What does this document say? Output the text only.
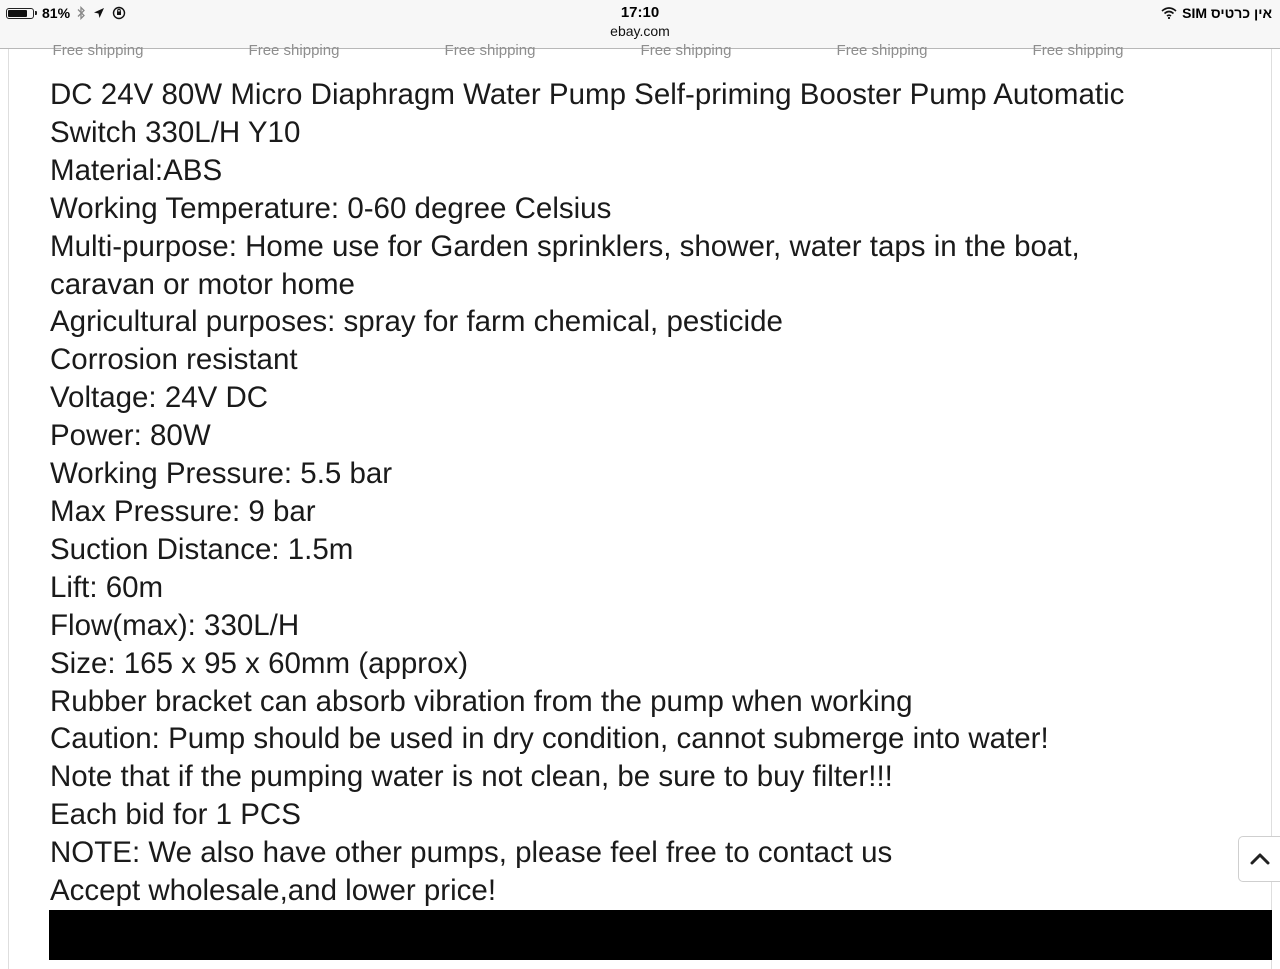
81%	17:10
ebay.com
אין כרטיס SIM
Free shipping	Free shipping	Free shipping	Free shipping	Free shipping	Free shipping
DC 24V 80W Micro Diaphragm Water Pump Self-priming Booster Pump Automatic
Switch 330L/H Y10
Material:ABS
Working Temperature: 0-60 degree Celsius
Multi-purpose: Home use for Garden sprinklers, shower, water taps in the boat,
caravan or motor home
Agricultural purposes: spray for farm chemical, pesticide
Corrosion resistant
Voltage: 24V DC
Power: 80W
Working Pressure: 5.5 bar
Max Pressure: 9 bar
Suction Distance: 1.5m
Lift: 60m
Flow(max): 330L/H
Size: 165 x 95 x 60mm (approx)
Rubber bracket can absorb vibration from the pump when working
Caution: Pump should be used in dry condition, cannot submerge into water!
Note that if the pumping water is not clean, be sure to buy filter!!!
Each bid for 1 PCS
NOTE: We also have other pumps, please feel free to contact us
Accept wholesale,and lower price!
